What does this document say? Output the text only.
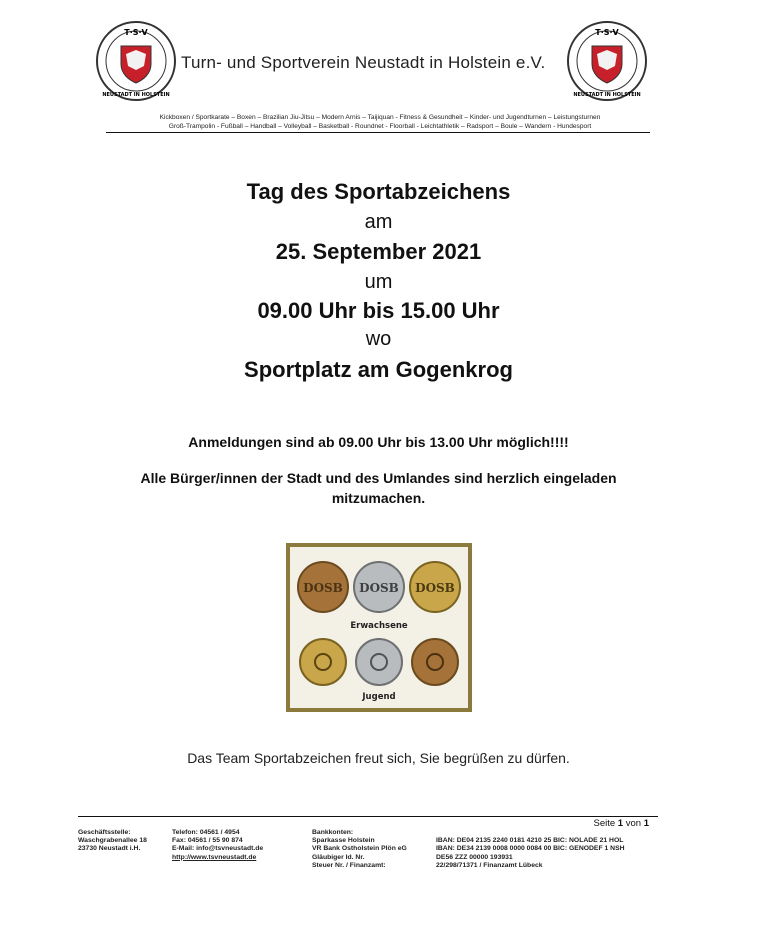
T·S·V
NEUSTADT IN HOLSTEIN
T·S·V
NEUSTADT IN HOLSTEIN
Turn- und Sportverein Neustadt in Holstein e.V.
Kickboxen / Sportkarate – Boxen – Brazilian Jiu-Jitsu – Modern Arnis – Taijiquan - Fitness & Gesundheit – Kinder- und Jugendturnen – Leistungsturnen
Groß-Trampolin - Fußball – Handball – Volleyball – Basketball - Roundnet - Floorball - Leichtathletik – Radsport – Boule – Wandern - Hundesport
Tag des Sportabzeichens
am
25. September 2021
um
09.00 Uhr bis 15.00 Uhr
wo
Sportplatz am Gogenkrog
Anmeldungen sind ab 09.00 Uhr bis 13.00 Uhr möglich!!!!
Alle Bürger/innen der Stadt und des Umlandes sind herzlich eingeladen mitzumachen.
DOSB DOSB DOSB
Erwachsene
Jugend
Das Team Sportabzeichen freut sich, Sie begrüßen zu dürfen.
Seite 1 von 1
Geschäftsstelle:
Waschgrabenallee 18
23730 Neustadt i.H.
Telefon: 04561 / 4954
Fax: 04561 / 55 90 874
E-Mail: info@tsvneustadt.de
http://www.tsvneustadt.de
Bankkonten:
Sparkasse Holstein
VR Bank Ostholstein Plön eG
Gläubiger Id. Nr.
Steuer Nr. / Finanzamt:

IBAN: DE04 2135 2240 0181 4210 25 BIC: NOLADE 21 HOL
IBAN: DE34 2139 0008 0000 0084 00 BIC: GENODEF 1 NSH
DE56 ZZZ 00000 193931
22/298/71371 / Finanzamt Lübeck
